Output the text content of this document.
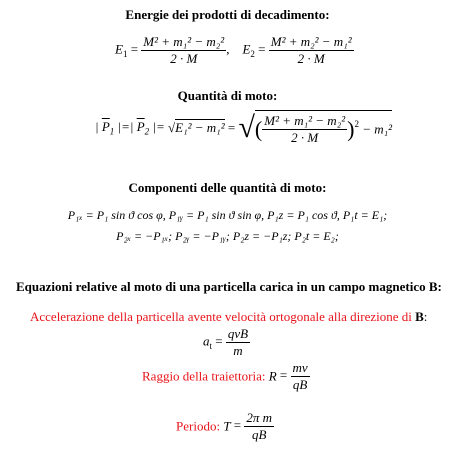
Energie dei prodotti di decadimento:
$E_1 = \frac{\text{M² + m₁² − m₂²}}{2 \cdot M}$ ,    $E_2 = \frac{\text{M² + m₂² − m₁²}}{2 \cdot M}$
Quantità di moto:
| $\overline{P}_1$ |=| $\overline{P}_2$ |= √E₁² − m₁² = √( $\frac{\text{M² + m₁² − m₂²}}{2 \cdot M} )^2 - m_1^2$
Componenti delle quantità di moto:
P₁ₓ = P₁ sin ϑ cos φ, P₁ᵧ = P₁ sin ϑ sin φ, P₁z = P₁ cos ϑ, P₁t = E₁;
P₂ₓ = −P₁ₓ; P₂ᵧ = −P₁ᵧ; P₂z = −P₁z; P₂t = E₂;
Equazioni relative al moto di una particella carica in un campo magnetico B:
Accelerazione della particella avente velocità ortogonale alla direzione di B:
$a_t = \frac{\text{qvB}}{m}$
Raggio della traiettoria: $R = \frac{mv}{qB}$
Periodo: $T = \frac{\text{2π m}}{qB}$
